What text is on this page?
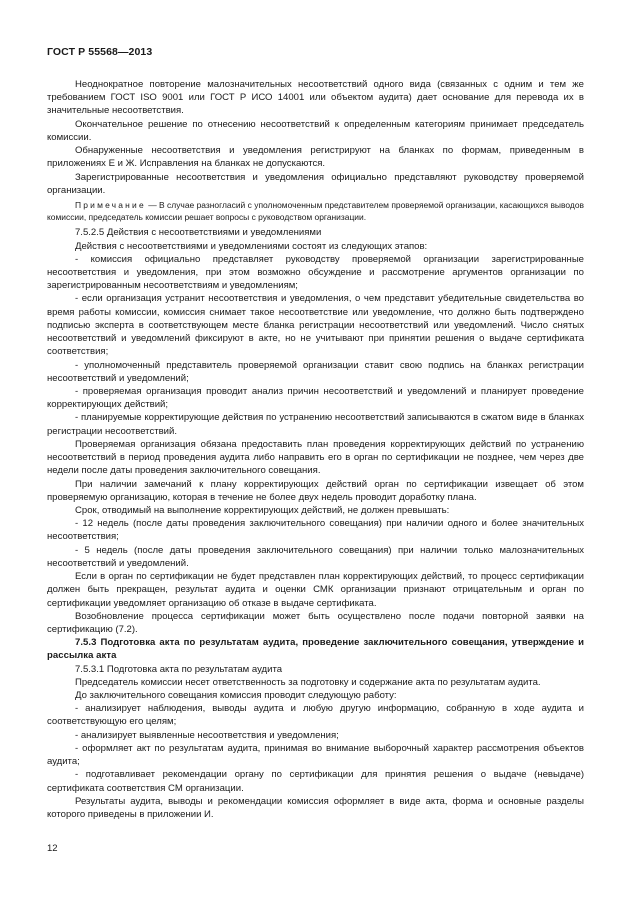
ГОСТ Р 55568—2013

Неоднократное повторение малозначительных несоответствий одного вида (связанных с одним и тем же требованием ГОСТ ISO 9001 или ГОСТ Р ИСО 14001 или объектом аудита) дает основание для перевода их в значительные несоответствия.

Окончательное решение по отнесению несоответствий к определенным категориям принимает председатель комиссии.

Обнаруженные несоответствия и уведомления регистрируют на бланках по формам, приведенным в приложениях Е и Ж. Исправления на бланках не допускаются.

Зарегистрированные несоответствия и уведомления официально представляют руководству проверяемой организации.

Примечание — В случае разногласий с уполномоченным представителем проверяемой организации, касающихся выводов комиссии, председатель комиссии решает вопросы с руководством организации.

7.5.2.5 Действия с несоответствиями и уведомлениями

Действия с несоответствиями и уведомлениями состоят из следующих этапов:

- комиссия официально представляет руководству проверяемой организации зарегистрированные несоответствия и уведомления, при этом возможно обсуждение и рассмотрение аргументов организации по зарегистрированным несоответствиям и уведомлениям;

- если организация устранит несоответствия и уведомления, о чем представит убедительные свидетельства во время работы комиссии, комиссия снимает такое несоответствие или уведомление, что должно быть подтверждено подписью эксперта в соответствующем месте бланка регистрации несоответствий или уведомлений. Число снятых несоответствий и уведомлений фиксируют в акте, но не учитывают при принятии решения о выдаче сертификата соответствия;

- уполномоченный представитель проверяемой организации ставит свою подпись на бланках регистрации несоответствий и уведомлений;

- проверяемая организация проводит анализ причин несоответствий и уведомлений и планирует проведение корректирующих действий;

- планируемые корректирующие действия по устранению несоответствий записываются в сжатом виде в бланках регистрации несоответствий.

Проверяемая организация обязана предоставить план проведения корректирующих действий по устранению несоответствий в период проведения аудита либо направить его в орган по сертификации не позднее, чем через две недели после даты проведения заключительного совещания.

При наличии замечаний к плану корректирующих действий орган по сертификации извещает об этом проверяемую организацию, которая в течение не более двух недель проводит доработку плана.

Срок, отводимый на выполнение корректирующих действий, не должен превышать:

- 12 недель (после даты проведения заключительного совещания) при наличии одного и более значительных несоответствия;

- 5 недель (после даты проведения заключительного совещания) при наличии только малозначительных несоответствий и уведомлений.

Если в орган по сертификации не будет представлен план корректирующих действий, то процесс сертификации должен быть прекращен, результат аудита и оценки СМК организации признают отрицательным и орган по сертификации уведомляет организацию об отказе в выдаче сертификата.

Возобновление процесса сертификации может быть осуществлено после подачи повторной заявки на сертификацию (7.2).

7.5.3 Подготовка акта по результатам аудита, проведение заключительного совещания, утверждение и рассылка акта

7.5.3.1 Подготовка акта по результатам аудита

Председатель комиссии несет ответственность за подготовку и содержание акта по результатам аудита.

До заключительного совещания комиссия проводит следующую работу:

- анализирует наблюдения, выводы аудита и любую другую информацию, собранную в ходе аудита и соответствующую его целям;

- анализирует выявленные несоответствия и уведомления;

- оформляет акт по результатам аудита, принимая во внимание выборочный характер рассмотрения объектов аудита;

- подготавливает рекомендации органу по сертификации для принятия решения о выдаче (невыдаче) сертификата соответствия СМ организации.

Результаты аудита, выводы и рекомендации комиссия оформляет в виде акта, форма и основные разделы которого приведены в приложении И.

12
